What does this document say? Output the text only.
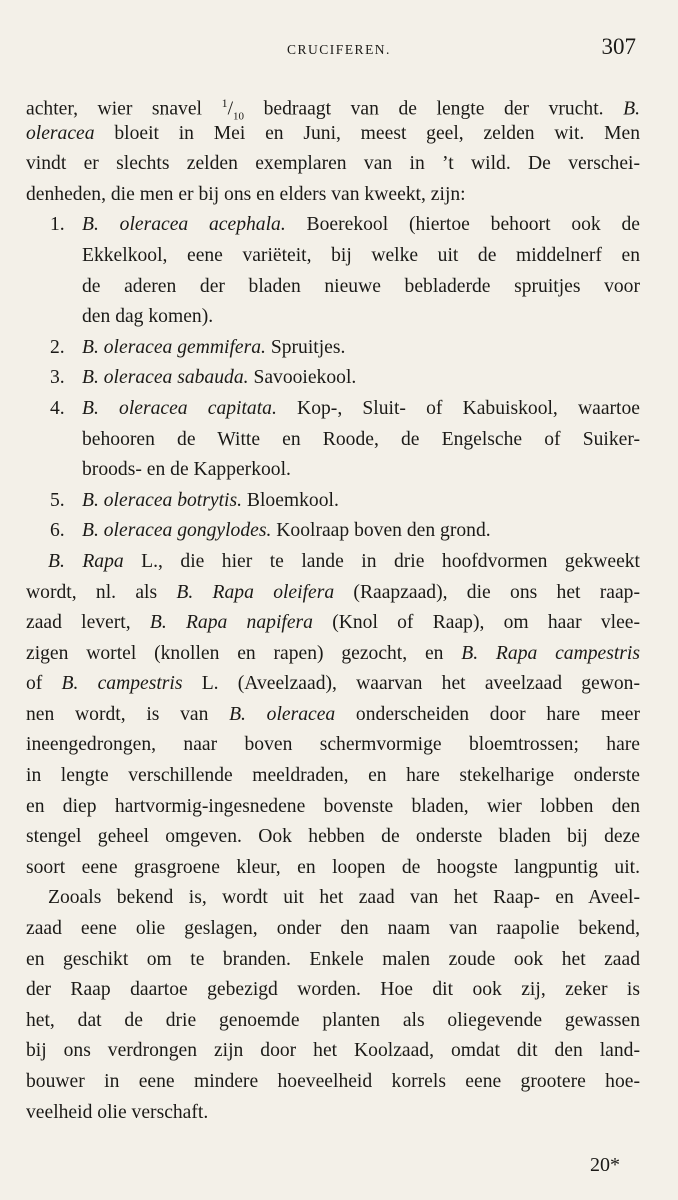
CRUCIFEREN.	307
achter, wier snavel $^1/_{10}$ bedraagt van de lengte der vrucht. B.
oleracea bloeit in Mei en Juni, meest geel, zelden wit. Men
vindt er slechts zelden exemplaren van in ’t wild. De verschei-
denheden, die men er bij ons en elders van kweekt, zijn:
1. B. oleracea acephala. Boerekool (hiertoe behoort ook de
Ekkelkool, eene variëteit, bij welke uit de middelnerf en
de aderen der bladen nieuwe bebladerde spruitjes voor
den dag komen).
2. B. oleracea gemmifera. Spruitjes.
3. B. oleracea sabauda. Savooiekool.
4. B. oleracea capitata. Kop-, Sluit- of Kabuiskool, waartoe
behooren de Witte en Roode, de Engelsche of Suiker-
broods- en de Kapperkool.
5. B. oleracea botrytis. Bloemkool.
6. B. oleracea gongylodes. Koolraap boven den grond.
B. Rapa L., die hier te lande in drie hoofdvormen gekweekt
wordt, nl. als B. Rapa oleifera (Raapzaad), die ons het raap-
zaad levert, B. Rapa napifera (Knol of Raap), om haar vlee-
zigen wortel (knollen en rapen) gezocht, en B. Rapa campestris
of B. campestris L. (Aveelzaad), waarvan het aveelzaad gewon-
nen wordt, is van B. oleracea onderscheiden door hare meer
ineengedrongen, naar boven schermvormige bloemtrossen; hare
in lengte verschillende meeldraden, en hare stekelharige onderste
en diep hartvormig-ingesnedene bovenste bladen, wier lobben den
stengel geheel omgeven. Ook hebben de onderste bladen bij deze
soort eene grasgroene kleur, en loopen de hoogste langpuntig uit.
Zooals bekend is, wordt uit het zaad van het Raap- en Aveel-
zaad eene olie geslagen, onder den naam van raapolie bekend,
en geschikt om te branden. Enkele malen zoude ook het zaad
der Raap daartoe gebezigd worden. Hoe dit ook zij, zeker is
het, dat de drie genoemde planten als oliegevende gewassen
bij ons verdrongen zijn door het Koolzaad, omdat dit den land-
bouwer in eene mindere hoeveelheid korrels eene grootere hoe-
veelheid olie verschaft.
20*
